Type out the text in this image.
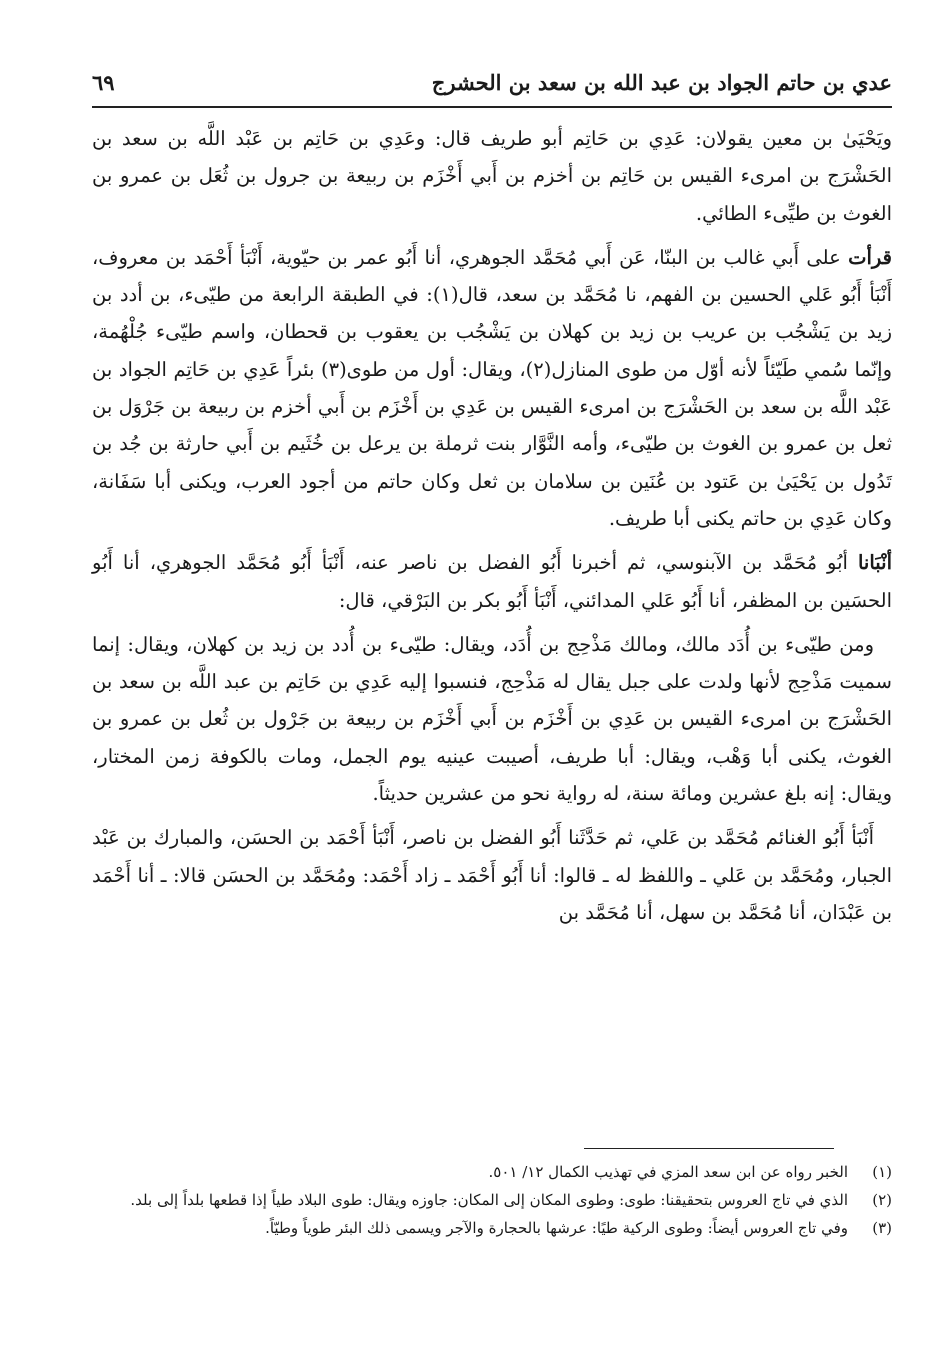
عدي بن حاتم الجواد بن عبد الله بن سعد بن الحشرج
٦٩

ويَحْيَىٰ بن معين يقولان: عَدِي بن حَاتِم أبو طريف قال: وعَدِي بن حَاتِم بن عَبْد اللَّه بن سعد بن الحَشْرَج بن امرىء القيس بن حَاتِم بن أخزم بن أَبي أَخْزَم بن ربيعة بن جرول بن ثُعَل بن عمرو بن الغوث بن طيِّىء الطائي.

قرأت على أَبي غالب بن البنّا، عَن أَبي مُحَمَّد الجوهري، أنا أَبُو عمر بن حيّوية، أَنْبَأ أَحْمَد بن معروف، أَنْبَأ أَبُو عَلي الحسين بن الفهم، نا مُحَمَّد بن سعد، قال(١): في الطبقة الرابعة من طيّىء، بن أدد بن زيد بن يَشْجُب بن عريب بن زيد بن كهلان بن يَشْجُب بن يعقوب بن قحطان، واسم طيّىء جُلْهُمة، وإنّما سُمي طَيّئاً لأنه أوّل من طوى المنازل(٢)، ويقال: أول من طوى(٣) بئراً عَدِي بن حَاتِم الجواد بن عَبْد اللَّه بن سعد بن الحَشْرَج بن امرىء القيس بن عَدِي بن أَخْزَم بن أَبي أخزم بن ربيعة بن جَرْوَل بن ثعل بن عمرو بن الغوث بن طيّىء، وأمه النَّوَّار بنت ثرملة بن يرعل بن خُثَيم بن أَبي حارثة بن جُد بن تَدُول بن يَحْيَىٰ بن عَتود بن عُنَين بن سلامان بن ثعل وكان حاتم من أجود العرب، ويكنى أبا سَفَانة، وكان عَدِي بن حاتم يكنى أبا طريف.

أنْبَانا أبُو مُحَمَّد بن الآبنوسي، ثم أخبرنا أَبُو الفضل بن ناصر عنه، أَنْبَأ أَبُو مُحَمَّد الجوهري، أنا أَبُو الحسَين بن المظفر، أنا أَبُو عَلي المدائني، أَنْبَأ أَبُو بكر بن البَرْقي، قال:

ومن طيّىء بن أُدَد مالك، ومالك مَذْحِج بن أُدَد، ويقال: طيّىء بن أُدد بن زيد بن كهلان، ويقال: إنما سميت مَذْحِج لأنها ولدت على جبل يقال له مَذْحِج، فنسبوا إليه عَدِي بن حَاتِم بن عبد اللَّه بن سعد بن الحَشْرَج بن امرىء القيس بن عَدِي بن أَخْزَم بن أَبي أَخْزَم بن ربيعة بن جَرْول بن ثُعل بن عمرو بن الغوث، يكنى أبا وَهْب، ويقال: أبا طريف، أصيبت عينيه يوم الجمل، ومات بالكوفة زمن المختار، ويقال: إنه بلغ عشرين ومائة سنة، له رواية نحو من عشرين حديثاً.

أَنْبَأ أَبُو الغنائم مُحَمَّد بن عَلي، ثم حَدَّثَنا أَبُو الفضل بن ناصر، أَنْبَأ أَحْمَد بن الحسَن، والمبارك بن عَبْد الجبار، ومُحَمَّد بن عَلي ـ واللفظ له ـ قالوا: أنا أَبُو أَحْمَد ـ زاد أَحْمَد: ومُحَمَّد بن الحسَن قالا: ـ أنا أَحْمَد بن عَبْدَان، أنا مُحَمَّد بن سهل، أنا مُحَمَّد بن

(١)
الخبر رواه عن ابن سعد المزي في تهذيب الكمال ١٢/ ٥٠١.

(٢)
الذي في تاج العروس بتحقيقنا: طوى: وطوى المكان إلى المكان: جاوزه ويقال: طوى البلاد طياً إذا قطعها بلداً إلى بلد.

(٣)
وفي تاج العروس أيضاً: وطوى الركية طيًا: عرشها بالحجارة والآجر ويسمى ذلك البئر طوياً وطيّاً.
